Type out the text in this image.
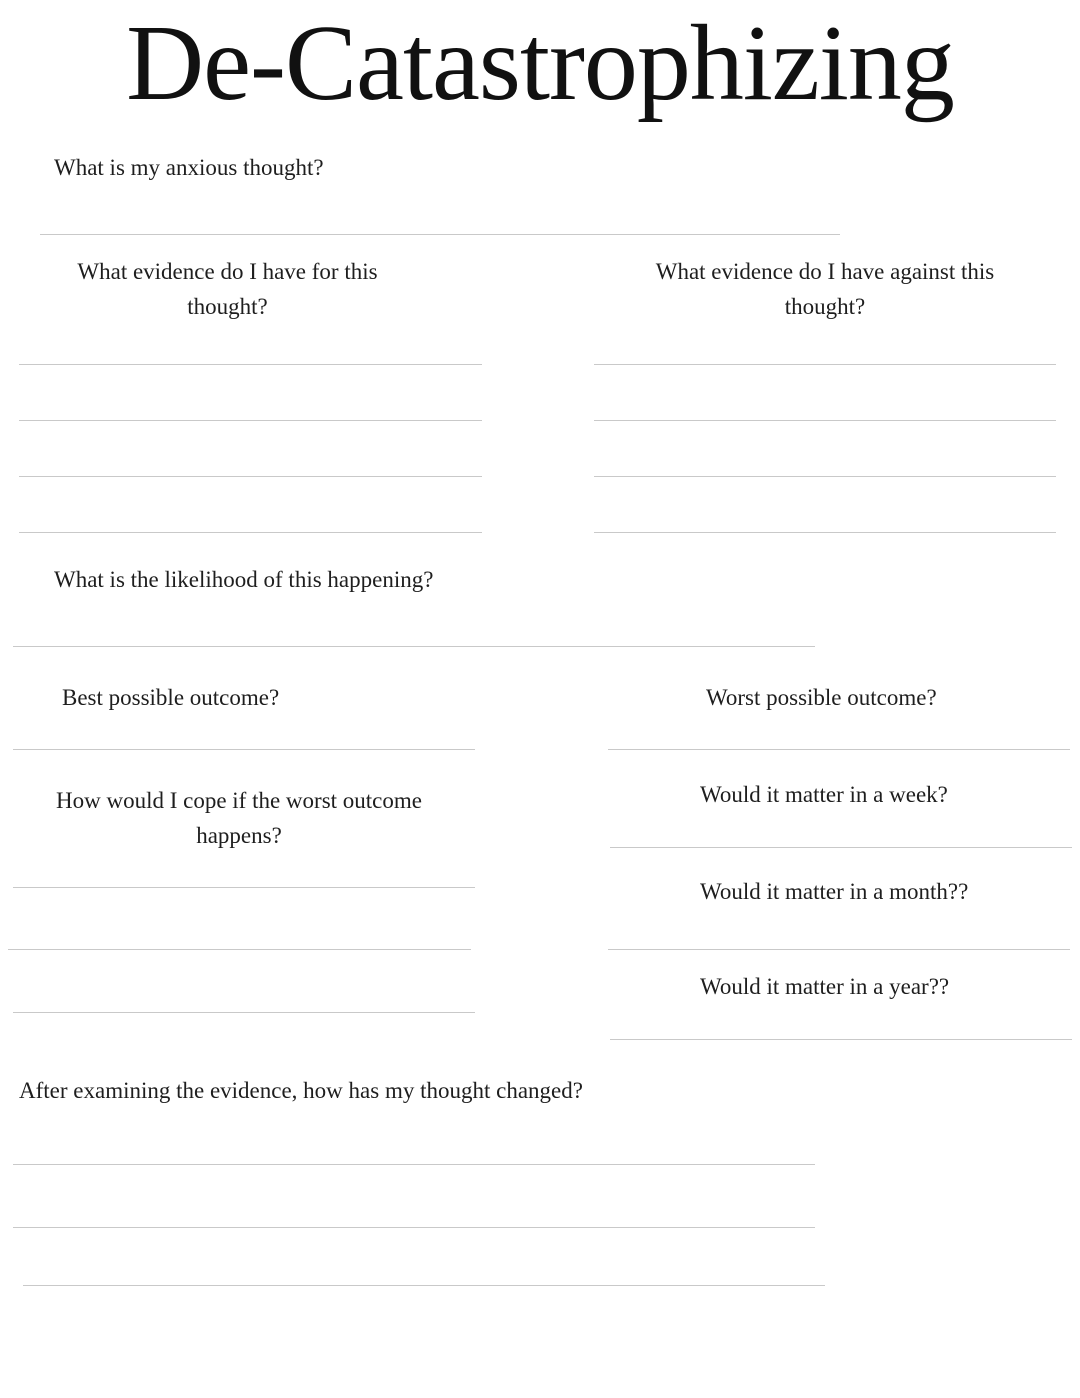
De-Catastrophizing

What is my anxious thought?

What evidence do I have for this thought?

What evidence do I have against this thought?

What is the likelihood of this happening?

Best possible outcome?	Worst possible outcome?

How would I cope if the worst outcome happens?

Would it matter in a week?

Would it matter in a month??

Would it matter in a year??

After examining the evidence, how has my thought changed?
